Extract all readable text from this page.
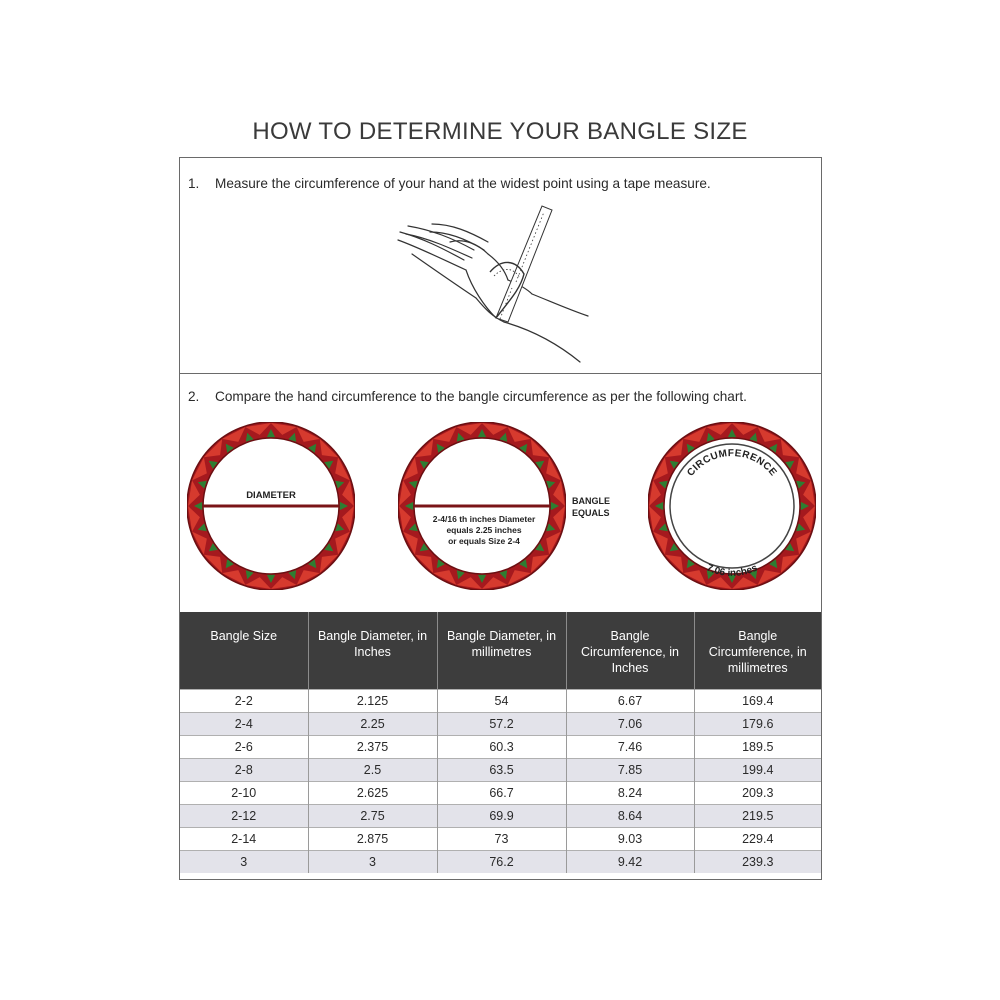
HOW TO DETERMINE YOUR BANGLE SIZE
1. Measure the circumference of your hand at the widest point using a tape measure.
2. Compare the hand circumference to the bangle circumference as per the following chart.
DIAMETER
2-4/16 th inches Diameter
equals 2.25 inches
or equals Size 2-4
BANGLE
EQUALS
CIRCUMFERENCE
7.06 inches
Bangle Size	Bangle Diameter, in Inches	Bangle Diameter, in millimetres	Bangle Circumference, in Inches	Bangle Circumference, in millimetres
2-2	2.125	54	6.67	169.4
2-4	2.25	57.2	7.06	179.6
2-6	2.375	60.3	7.46	189.5
2-8	2.5	63.5	7.85	199.4
2-10	2.625	66.7	8.24	209.3
2-12	2.75	69.9	8.64	219.5
2-14	2.875	73	9.03	229.4
3	3	76.2	9.42	239.3
